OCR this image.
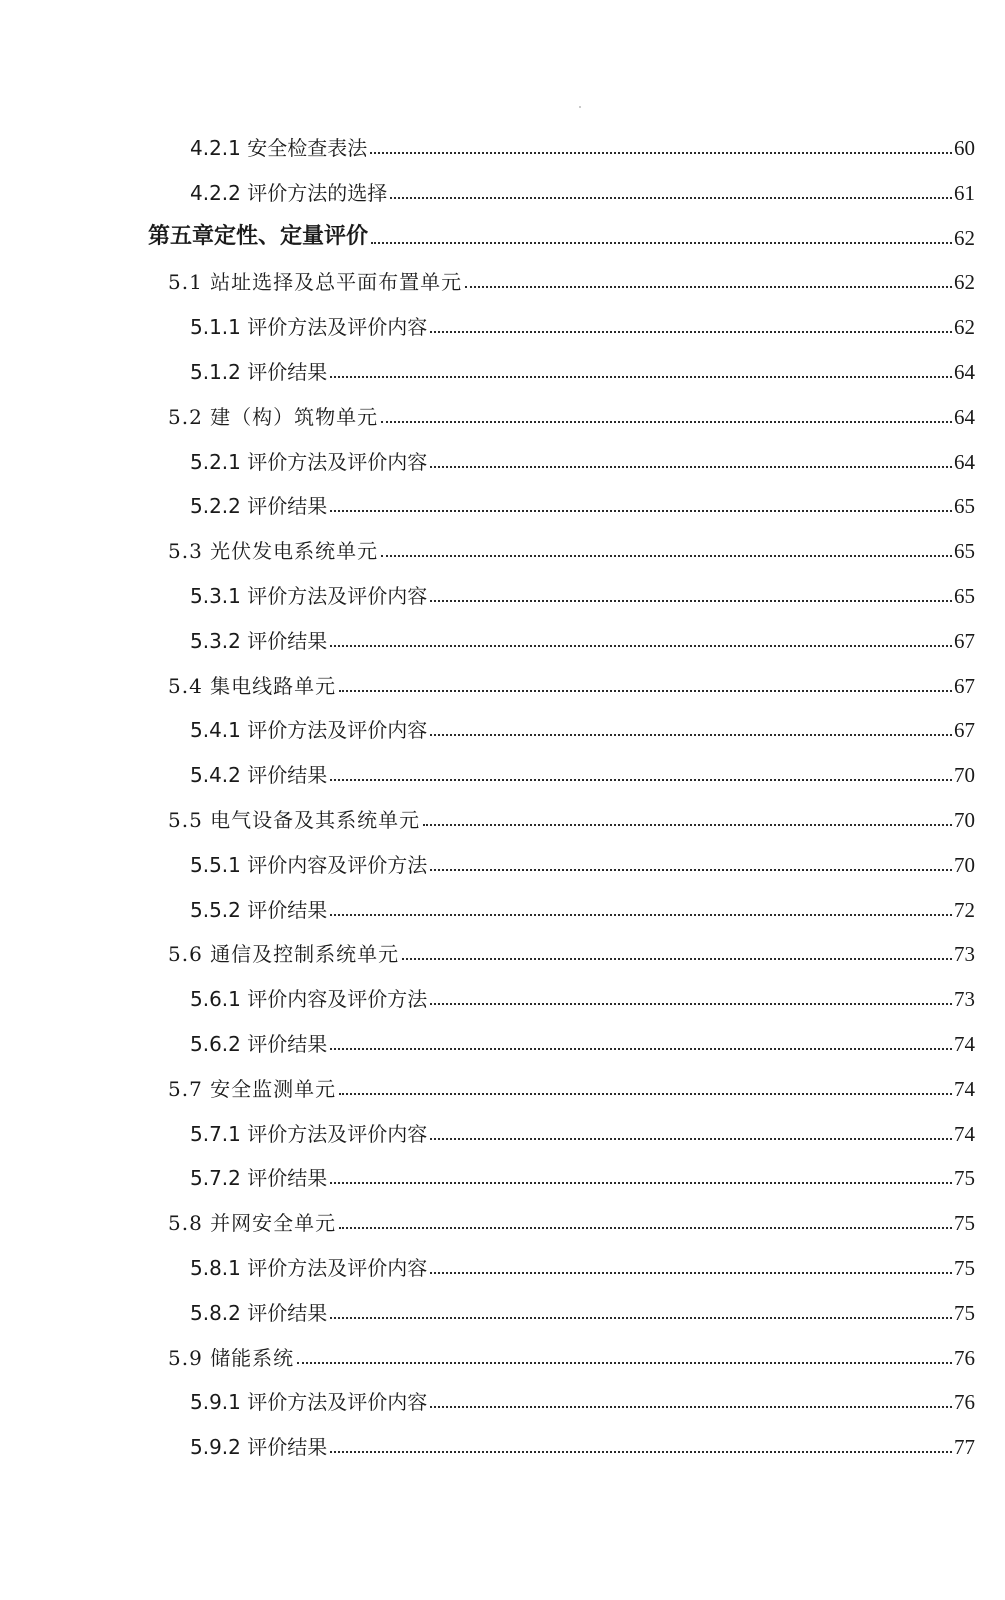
4.2.1 安全检查表法	60
4.2.2 评价方法的选择	61
第五章定性、定量评价	62
5.1 站址选择及总平面布置单元	62
5.1.1 评价方法及评价内容	62
5.1.2 评价结果	64
5.2 建（构）筑物单元	64
5.2.1 评价方法及评价内容	64
5.2.2 评价结果	65
5.3 光伏发电系统单元	65
5.3.1 评价方法及评价内容	65
5.3.2 评价结果	67
5.4 集电线路单元	67
5.4.1 评价方法及评价内容	67
5.4.2 评价结果	70
5.5 电气设备及其系统单元	70
5.5.1 评价内容及评价方法	70
5.5.2 评价结果	72
5.6 通信及控制系统单元	73
5.6.1 评价内容及评价方法	73
5.6.2 评价结果	74
5.7 安全监测单元	74
5.7.1 评价方法及评价内容	74
5.7.2 评价结果	75
5.8 并网安全单元	75
5.8.1 评价方法及评价内容	75
5.8.2 评价结果	75
5.9 储能系统	76
5.9.1 评价方法及评价内容	76
5.9.2 评价结果	77
